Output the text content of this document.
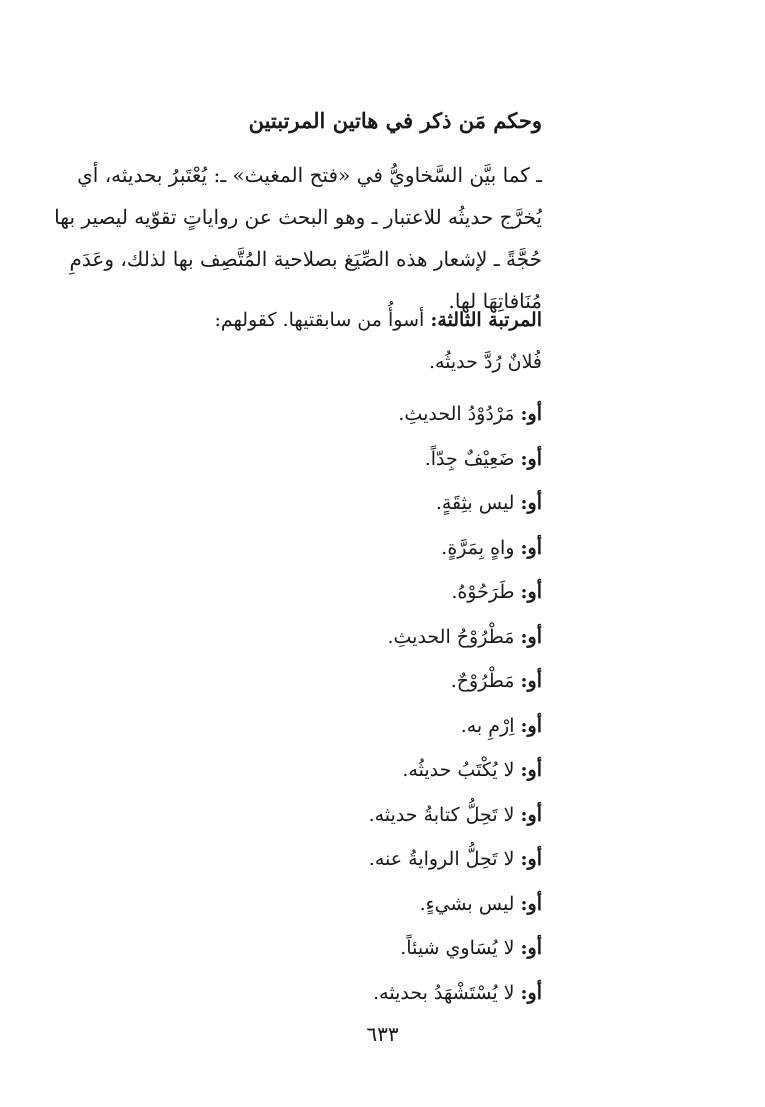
وحكم مَن ذكر في هاتين المرتبتين
ـ كما بيَّن السَّخاويُّ في «فتح المغيث» ـ: يُعْتَبرُ بحديثه، أي
يُخرَّج حديثُه للاعتبار ـ وهو البحث عن رواياتٍ تقوّيه ليصير بها
حُجَّةً ـ لإشعار هذه الصِّيَغ بصلاحية المُتَّصِف بها لذلك، وعَدَمِ
مُنَافاتِهَا لها.
المرتبة الثالثة: أسوأُ من سابقتيها. كقولهم:
فُلانٌ رُدَّ حديثُه.
أو: مَرْدُوْدُ الحديثِ.
أو: ضَعِيْفٌ جِدّاً.
أو: ليس بثِقَةٍ.
أو: واهٍ بِمَرَّةٍ.
أو: طَرَحُوْهُ.
أو: مَطْرُوْحُ الحديثِ.
أو: مَطْرُوْحٌ.
أو: اِرْمِ به.
أو: لا يُكْتَبُ حديثُه.
أو: لا تَحِلُّ كتابةُ حديثه.
أو: لا تَحِلُّ الروايةُ عنه.
أو: ليس بشيءٍ.
أو: لا يُسَاوي شيئاً.
أو: لا يُسْتَشْهَدُ بحديثه.
٦٣٣
